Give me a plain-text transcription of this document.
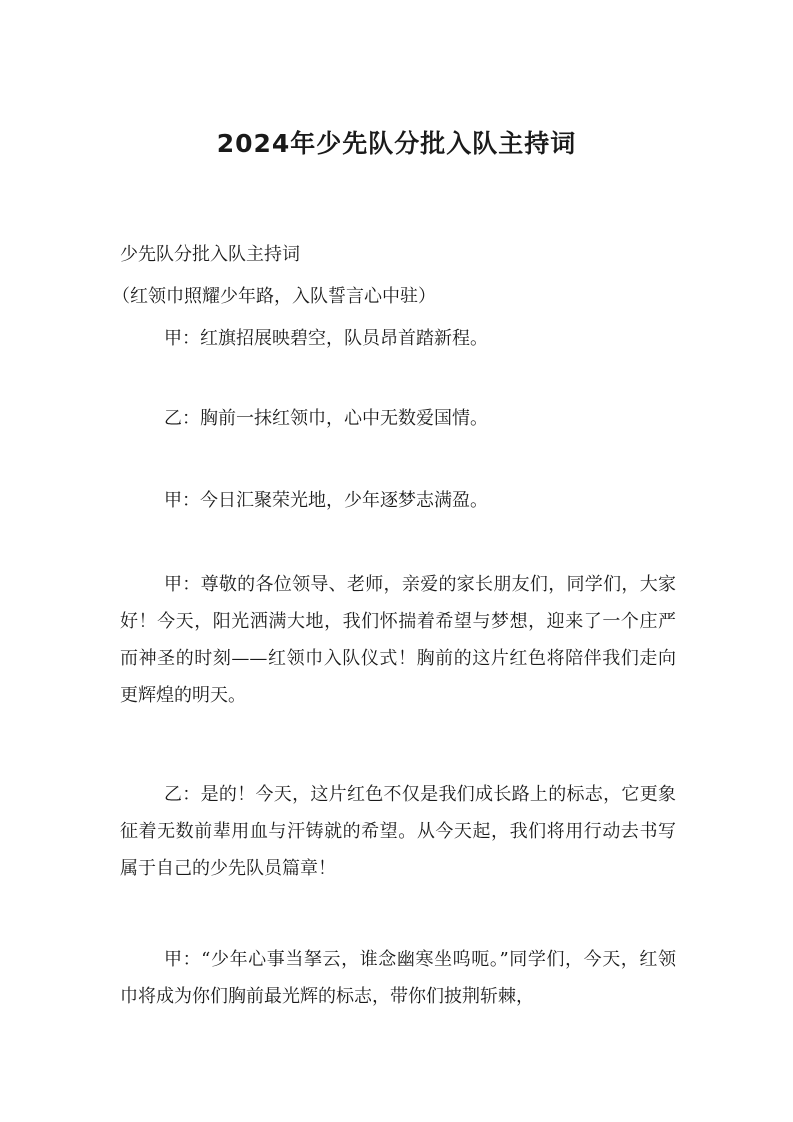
2024年少先队分批入队主持词

少先队分批入队主持词

（红领巾照耀少年路，入队誓言心中驻）

甲：红旗招展映碧空，队员昂首踏新程。

乙：胸前一抹红领巾，心中无数爱国情。

甲：今日汇聚荣光地，少年逐梦志满盈。

甲：尊敬的各位领导、老师，亲爱的家长朋友们，同学们，大家好！今天，阳光洒满大地，我们怀揣着希望与梦想，迎来了一个庄严而神圣的时刻——红领巾入队仪式！胸前的这片红色将陪伴我们走向更辉煌的明天。

乙：是的！今天，这片红色不仅是我们成长路上的标志，它更象征着无数前辈用血与汗铸就的希望。从今天起，我们将用行动去书写属于自己的少先队员篇章！

甲：“少年心事当拏云，谁念幽寒坐呜呃。”同学们，今天，红领巾将成为你们胸前最光辉的标志，带你们披荆斩棘，
